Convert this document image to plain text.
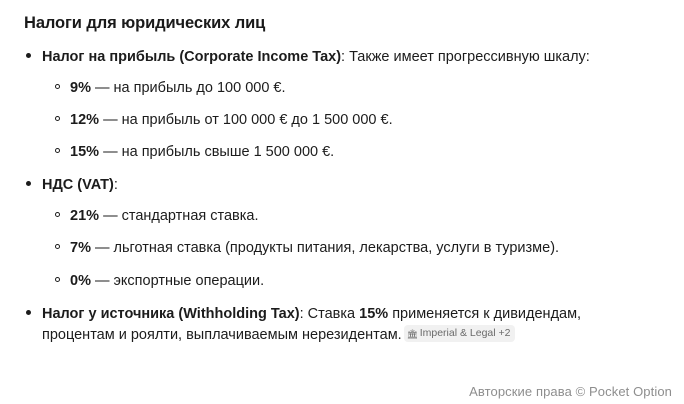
Налоги для юридических лиц
Налог на прибыль (Corporate Income Tax): Также имеет прогрессивную шкалу:
9% — на прибыль до 100 000 €.
12% — на прибыль от 100 000 € до 1 500 000 €.
15% — на прибыль свыше 1 500 000 €.
НДС (VAT):
21% — стандартная ставка.
7% — льготная ставка (продукты питания, лекарства, услуги в туризме).
0% — экспортные операции.
Налог у источника (Withholding Tax): Ставка 15% применяется к дивидендам,
процентам и роялти, выплачиваемым нерезидентам. 🏛 Imperial & Legal +2
Авторские права © Pocket Option
